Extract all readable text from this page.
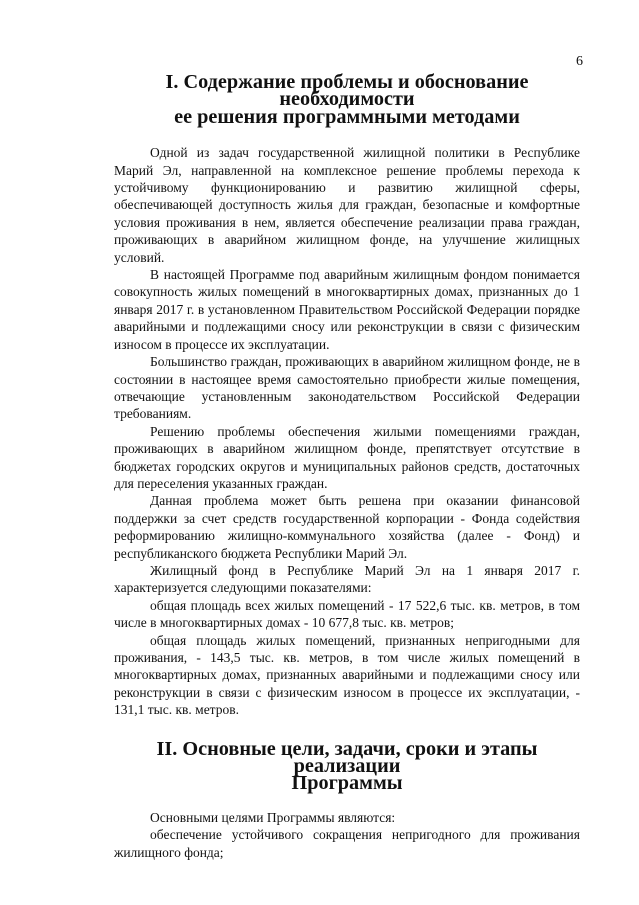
6
I. Содержание проблемы и обоснование необходимости
ее решения программными методами

Одной из задач государственной жилищной политики в Республике Марий Эл, направленной на комплексное решение проблемы перехода к устойчивому функционированию и развитию жилищной сферы, обеспечивающей доступность жилья для граждан, безопасные и комфортные условия проживания в нем, является обеспечение реализации права граждан, проживающих в аварийном жилищном фонде, на улучшение жилищных условий.

В настоящей Программе под аварийным жилищным фондом понимается совокупность жилых помещений в многоквартирных домах, признанных до 1 января 2017 г. в установленном Правительством Российской Федерации порядке аварийными и подлежащими сносу или реконструкции в связи с физическим износом в процессе их эксплуатации.

Большинство граждан, проживающих в аварийном жилищном фонде, не в состоянии в настоящее время самостоятельно приобрести жилые помещения, отвечающие установленным законодательством Российской Федерации требованиям.

Решению проблемы обеспечения жилыми помещениями граждан, проживающих в аварийном жилищном фонде, препятствует отсутствие в бюджетах городских округов и муниципальных районов средств, достаточных для переселения указанных граждан.

Данная проблема может быть решена при оказании финансовой поддержки за счет средств государственной корпорации - Фонда содействия реформированию жилищно-коммунального хозяйства (далее - Фонд) и республиканского бюджета Республики Марий Эл.

Жилищный фонд в Республике Марий Эл на 1 января 2017 г. характеризуется следующими показателями:

общая площадь всех жилых помещений - 17 522,6 тыс. кв. метров, в том числе в многоквартирных домах - 10 677,8 тыс. кв. метров;

общая площадь жилых помещений, признанных непригодными для проживания, - 143,5 тыс. кв. метров, в том числе жилых помещений в многоквартирных домах, признанных аварийными и подлежащими сносу или реконструкции в связи с физическим износом в процессе их эксплуатации, - 131,1 тыс. кв. метров.

II. Основные цели, задачи, сроки и этапы реализации
Программы

Основными целями Программы являются:

обеспечение устойчивого сокращения непригодного для проживания жилищного фонда;
